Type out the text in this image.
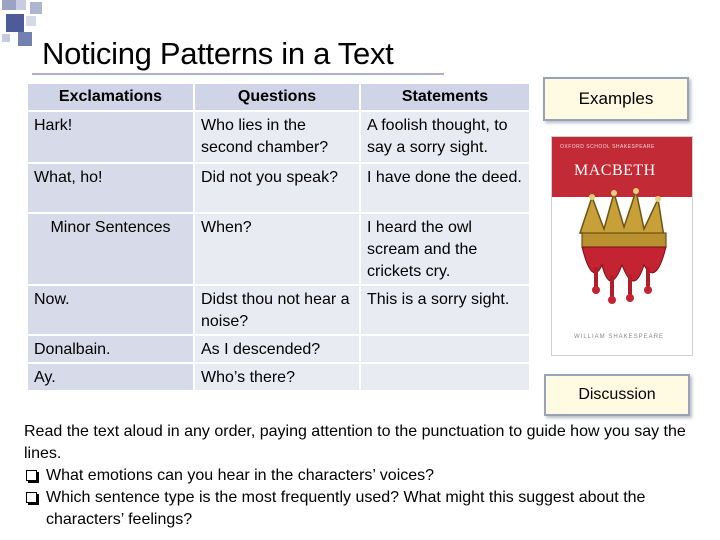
Noticing Patterns in a Text
Exclamations	Questions	Statements
Hark!	Who lies in the second chamber?	A foolish thought, to say a sorry sight.
What, ho!	Did not you speak?	I have done the deed.
Minor Sentences	When?	I heard the owl scream and the crickets cry.
Now.	Didst thou not hear a noise?	This is a sorry sight.
Donalbain.	As I descended?	
Ay.	Who’s there?	
Examples
OXFORD SCHOOL SHAKESPEARE
MACBETH
WILLIAM SHAKESPEARE
Discussion
Read the text aloud in any order, paying attention to the punctuation to guide how you say the lines.
What emotions can you hear in the characters’ voices?
Which sentence type is the most frequently used? What might this suggest about the characters’ feelings?
